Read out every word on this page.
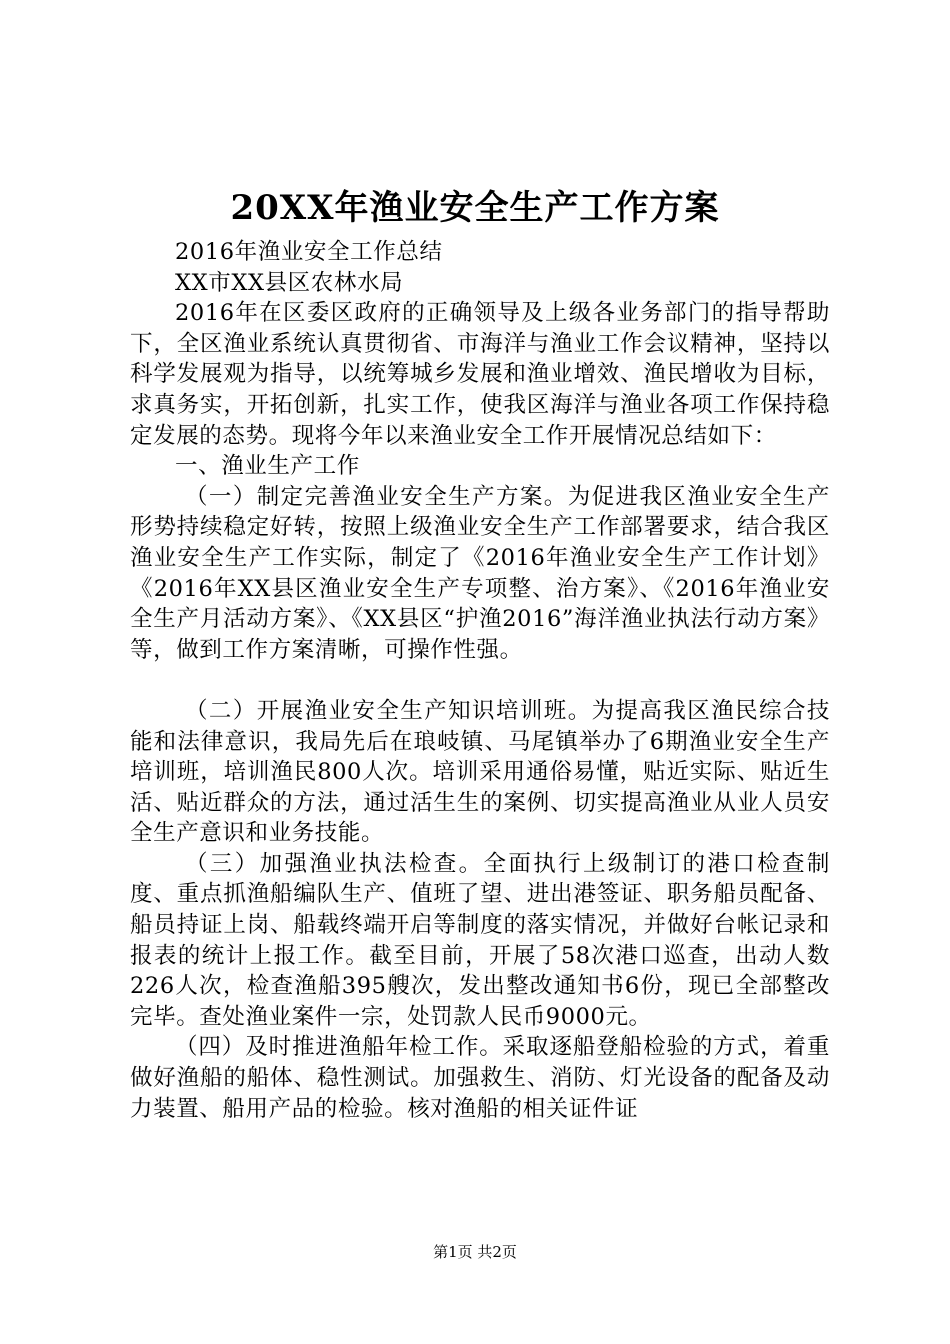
20XX年渔业安全生产工作方案

2016年渔业安全工作总结

XX市XX县区农林水局

2016年在区委区政府的正确领导及上级各业务部门的指导帮助下，全区渔业系统认真贯彻省、市海洋与渔业工作会议精神，坚持以科学发展观为指导，以统筹城乡发展和渔业增效、渔民增收为目标，求真务实，开拓创新，扎实工作，使我区海洋与渔业各项工作保持稳定发展的态势。现将今年以来渔业安全工作开展情况总结如下：

一、渔业生产工作

（一）制定完善渔业安全生产方案。为促进我区渔业安全生产形势持续稳定好转，按照上级渔业安全生产工作部署要求，结合我区渔业安全生产工作实际，制定了《2016年渔业安全生产工作计划》《2016年XX县区渔业安全生产专项整、治方案》、《2016年渔业安全生产月活动方案》、《XX县区“护渔2016”海洋渔业执法行动方案》等，做到工作方案清晰，可操作性强。

（二）开展渔业安全生产知识培训班。为提高我区渔民综合技能和法律意识，我局先后在琅岐镇、马尾镇举办了6期渔业安全生产培训班，培训渔民800人次。培训采用通俗易懂，贴近实际、贴近生活、贴近群众的方法，通过活生生的案例、切实提高渔业从业人员安全生产意识和业务技能。

（三）加强渔业执法检查。全面执行上级制订的港口检查制度、重点抓渔船编队生产、值班了望、进出港签证、职务船员配备、船员持证上岗、船载终端开启等制度的落实情况，并做好台帐记录和报表的统计上报工作。截至目前，开展了58次港口巡查，出动人数226人次，检查渔船395艘次，发出整改通知书6份，现已全部整改完毕。查处渔业案件一宗，处罚款人民币9000元。

（四）及时推进渔船年检工作。采取逐船登船检验的方式，着重做好渔船的船体、稳性测试。加强救生、消防、灯光设备的配备及动力装置、船用产品的检验。核对渔船的相关证件证

第1页 共2页
